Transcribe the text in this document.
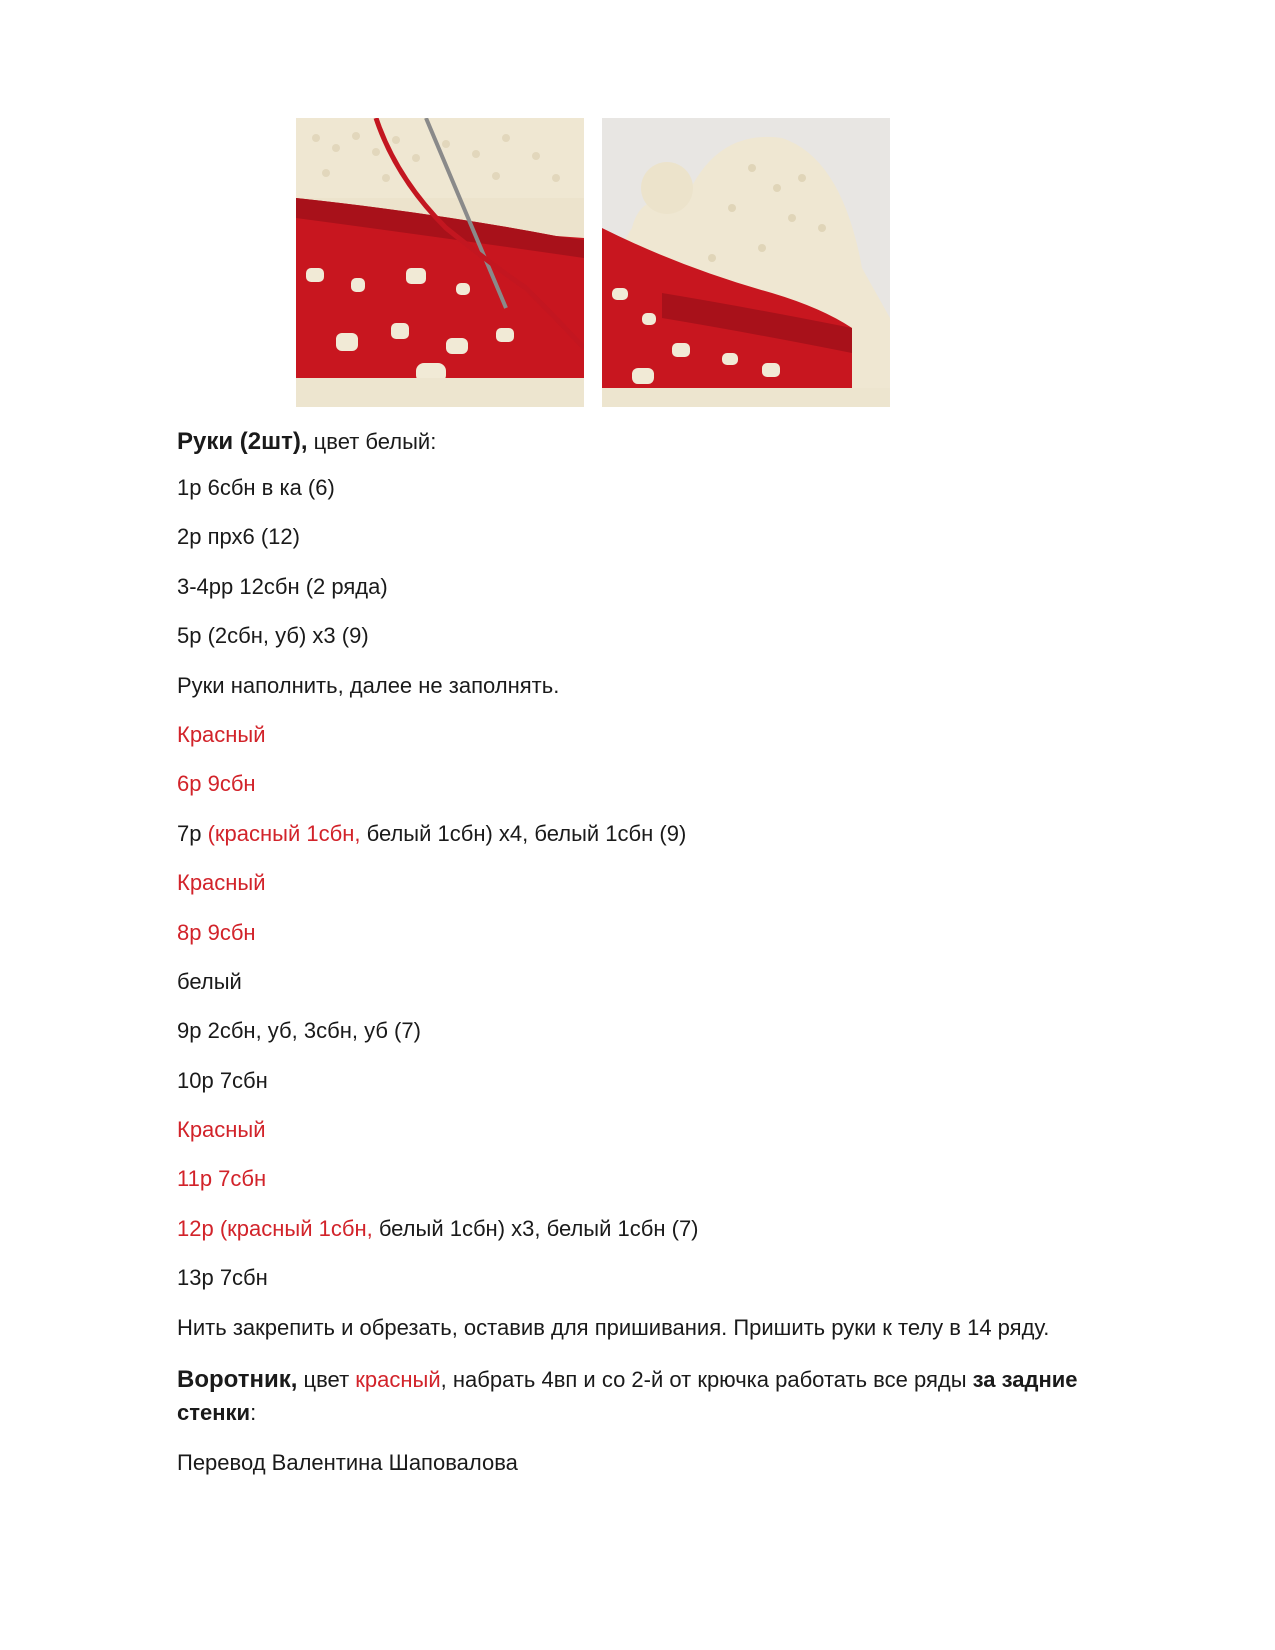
Руки (2шт), цвет белый:
1р 6сбн в ка (6)
2р прх6 (12)
3-4рр 12сбн (2 ряда)
5р (2сбн, уб) х3 (9)
Руки наполнить, далее не заполнять.
Красный
6р 9сбн
7р (красный 1сбн, белый 1сбн) х4, белый 1сбн (9)
Красный
8р 9сбн
белый
9р 2сбн, уб, 3сбн, уб (7)
10р 7сбн
Красный
11р 7сбн
12р (красный 1сбн, белый 1сбн) х3, белый 1сбн (7)
13р 7сбн
Нить закрепить и обрезать, оставив для пришивания. Пришить руки к телу в 14 ряду.
Воротник, цвет красный, набрать 4вп и со 2-й от крючка работать все ряды за задние стенки:
Перевод Валентина Шаповалова
